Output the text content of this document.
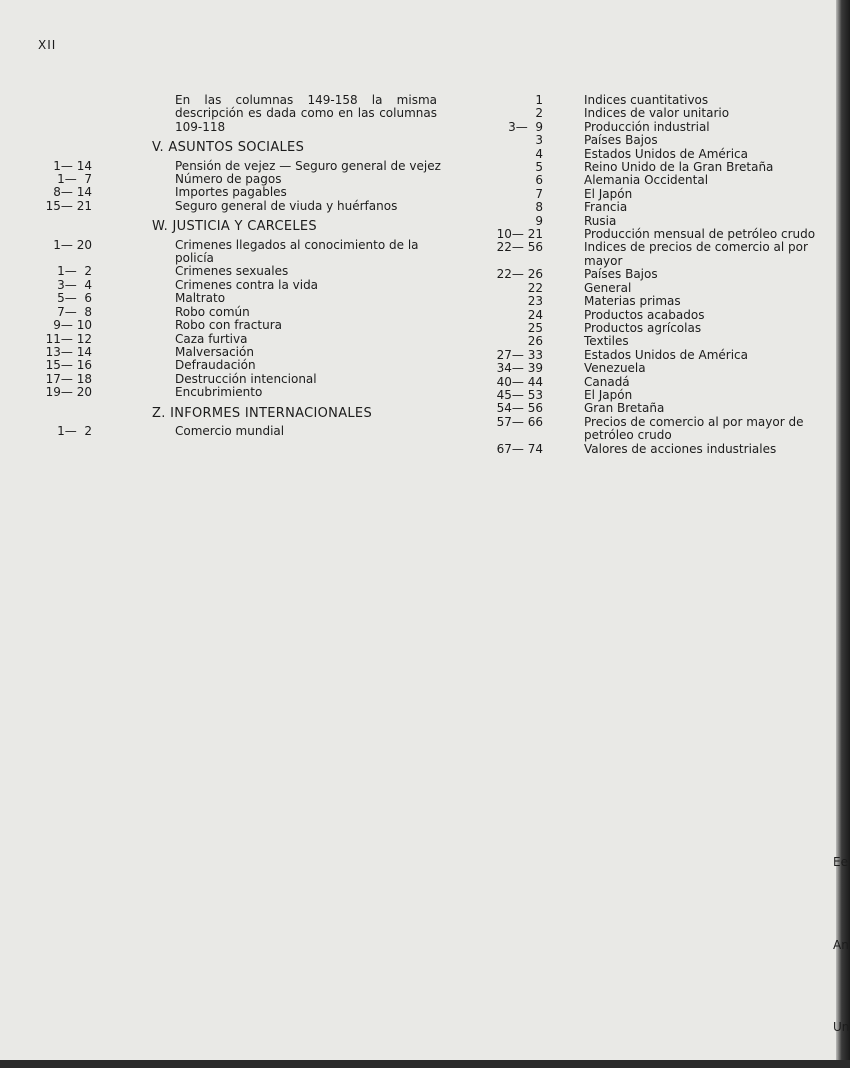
XII
En las columnas 149-158 la misma descripción es dada como en las columnas 109-118
V. ASUNTOS SOCIALES
1— 14	Pensión de vejez — Seguro general de vejez
1—  7	Número de pagos
8— 14	Importes pagables
15— 21	Seguro general de viuda y huérfanos
W. JUSTICIA Y CARCELES
1— 20	Crimenes llegados al conocimiento de la policía
1—  2	Crimenes sexuales
3—  4	Crimenes contra la vida
5—  6	Maltrato
7—  8	Robo común
9— 10	Robo con fractura
11— 12	Caza furtiva
13— 14	Malversación
15— 16	Defraudación
17— 18	Destrucción intencional
19— 20	Encubrimiento
Z. INFORMES INTERNACIONALES
1—  2	Comercio mundial
1	Indices cuantitativos
2	Indices de valor unitario
3—  9	Producción industrial
3	Países Bajos
4	Estados Unidos de América
5	Reino Unido de la Gran Bretaña
6	Alemania Occidental
7	El Japón
8	Francia
9	Rusia
10— 21	Producción mensual de petróleo crudo
22— 56	Indices de precios de comercio al por mayor
22— 26	Países Bajos
22	General
23	Materias primas
24	Productos acabados
25	Productos agrícolas
26	Textiles
27— 33	Estados Unidos de América
34— 39	Venezuela
40— 44	Canadá
45— 53	El Japón
54— 56	Gran Bretaña
57— 66	Precios de comercio al por mayor de petróleo crudo
67— 74	Valores de acciones industriales
Ee
An
Un
